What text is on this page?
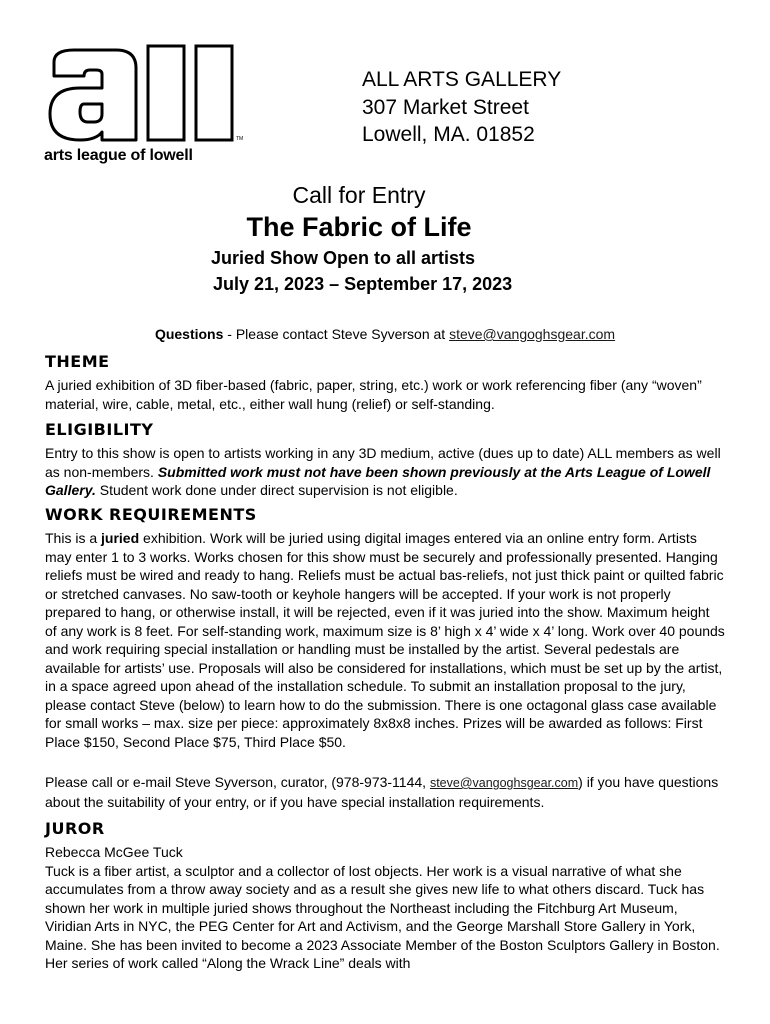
TM
arts league of lowell
ALL ARTS GALLERY
307 Market Street
Lowell, MA. 01852
Call for Entry
The Fabric of Life
Juried Show Open to all artists
July 21, 2023 – September 17, 2023
Questions - Please contact Steve Syverson at steve@vangoghsgear.com
THEME

A juried exhibition of 3D fiber-based (fabric, paper, string, etc.) work or work referencing fiber (any “woven” material, wire, cable, metal, etc., either wall hung (relief) or self-standing.

ELIGIBILITY

Entry to this show is open to artists working in any 3D medium, active (dues up to date) ALL members as well as non-members. Submitted work must not have been shown previously at the Arts League of Lowell Gallery. Student work done under direct supervision is not eligible.

WORK REQUIREMENTS

This is a juried exhibition. Work will be juried using digital images entered via an online entry form. Artists may enter 1 to 3 works. Works chosen for this show must be securely and professionally presented. Hanging reliefs must be wired and ready to hang. Reliefs must be actual bas-reliefs, not just thick paint or quilted fabric or stretched canvases. No saw-tooth or keyhole hangers will be accepted. If your work is not properly prepared to hang, or otherwise install, it will be rejected, even if it was juried into the show. Maximum height of any work is 8 feet. For self-standing work, maximum size is 8’ high x 4’ wide x 4’ long. Work over 40 pounds and work requiring special installation or handling must be installed by the artist. Several pedestals are available for artists’ use. Proposals will also be considered for installations, which must be set up by the artist, in a space agreed upon ahead of the installation schedule. To submit an installation proposal to the jury, please contact Steve (below) to learn how to do the submission. There is one octagonal glass case available for small works – max. size per piece: approximately 8x8x8 inches. Prizes will be awarded as follows: First Place $150, Second Place $75, Third Place $50.

Please call or e-mail Steve Syverson, curator, (978-973-1144, steve@vangoghsgear.com) if you have questions about the suitability of your entry, or if you have special installation requirements.

JUROR

Rebecca McGee Tuck

Tuck is a fiber artist, a sculptor and a collector of lost objects. Her work is a visual narrative of what she accumulates from a throw away society and as a result she gives new life to what others discard. Tuck has shown her work in multiple juried shows throughout the Northeast including the Fitchburg Art Museum, Viridian Arts in NYC, the PEG Center for Art and Activism, and the George Marshall Store Gallery in York, Maine. She has been invited to become a 2023 Associate Member of the Boston Sculptors Gallery in Boston. Her series of work called “Along the Wrack Line” deals with
